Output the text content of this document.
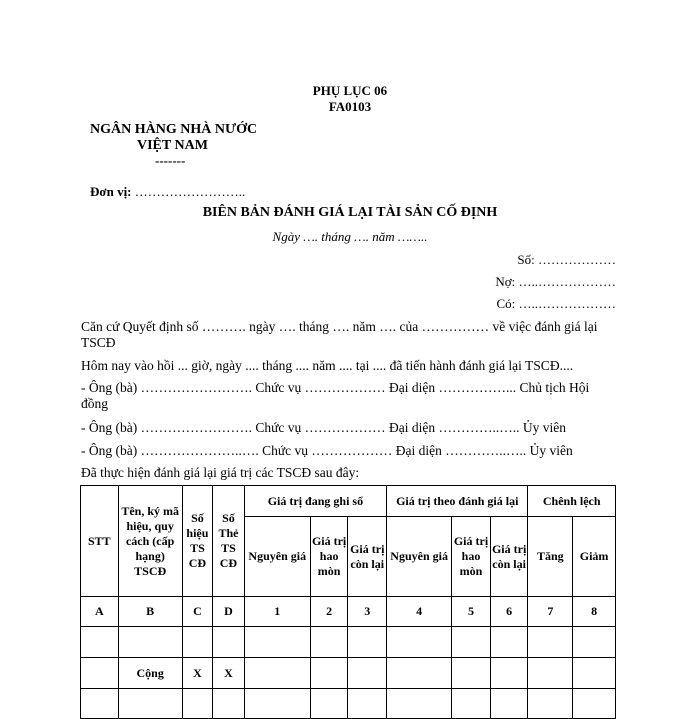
PHỤ LỤC 06
FA0103
NGÂN HÀNG NHÀ NƯỚC
VIỆT NAM
-------
Đơn vị: ……………………..
BIÊN BẢN ĐÁNH GIÁ LẠI TÀI SẢN CỐ ĐỊNH
Ngày …. tháng …. năm ……..
Số: ………………
Nợ: …..………………
Có: …..………………
Căn cứ Quyết định số ………. ngày …. tháng …. năm …. của …………… về việc đánh giá lại
TSCĐ
Hôm nay vào hồi ... giờ, ngày .... tháng .... năm .... tại .... đã tiến hành đánh giá lại TSCĐ....
- Ông (bà) ……………………. Chức vụ ……………… Đại diện ……………... Chủ tịch Hội
đồng
- Ông (bà) ……………………. Chức vụ ……………… Đại diện …………..….. Ủy viên
- Ông (bà) …………………..…. Chức vụ ……………… Đại diện …………..….. Ủy viên
Đã thực hiện đánh giá lại giá trị các TSCĐ sau đây:
STT	Tên, ký mã hiệu, quy cách (cấp hạng) TSCĐ	Số hiệu TS CĐ	Số Thẻ TS CĐ	Giá trị đang ghi sổ			Giá trị theo đánh giá lại			Chênh lệch	
				Nguyên giá	Giá trị hao mòn	Giá trị còn lại	Nguyên giá	Giá trị hao mòn	Giá trị còn lại	Tăng	Giảm
A	B	C	D	1	2	3	4	5	6	7	8

	Cộng	X	X								
